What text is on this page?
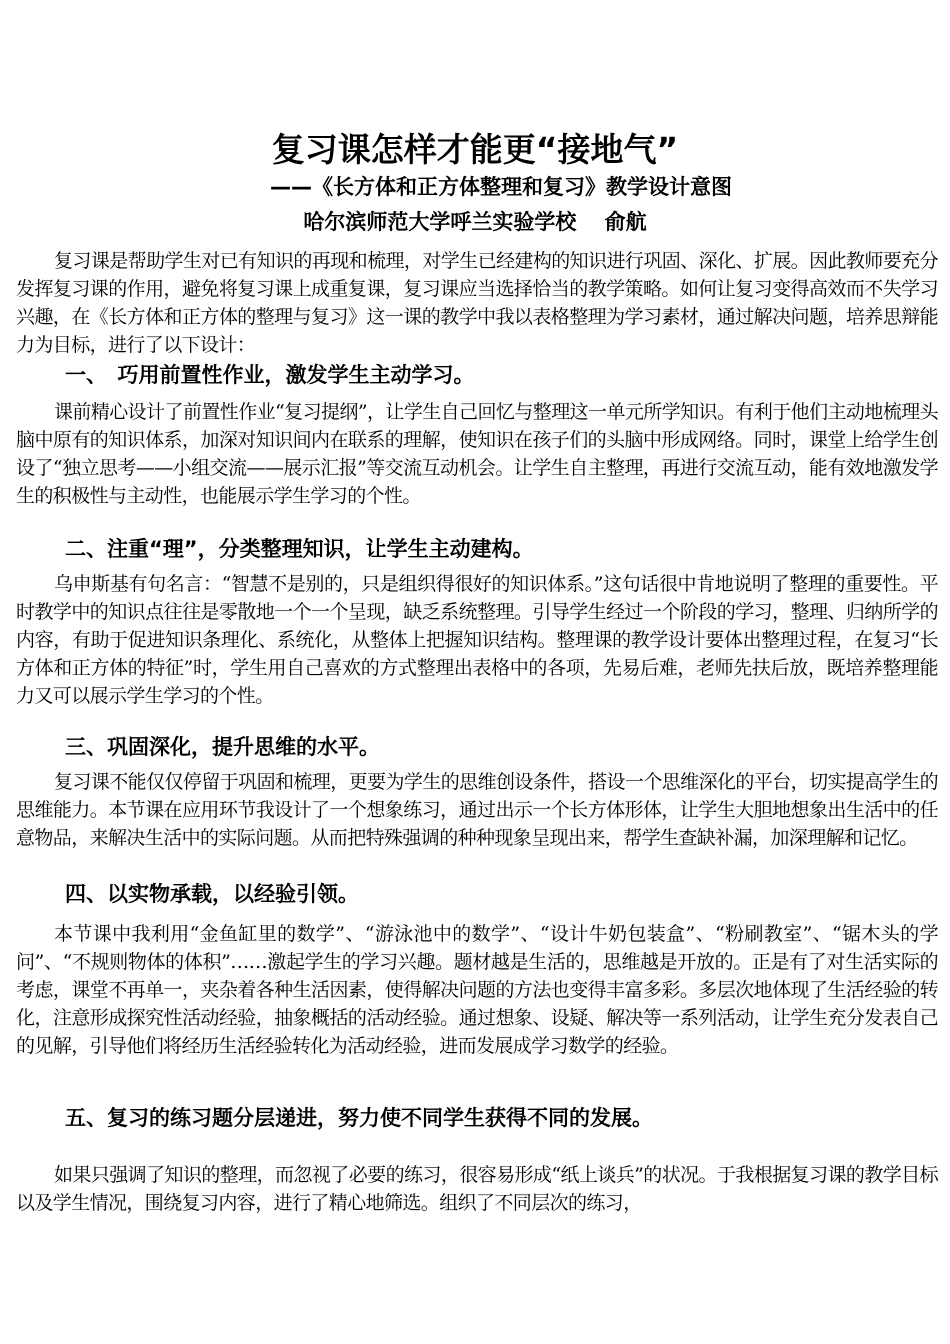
复习课怎样才能更“接地气”
——《长方体和正方体整理和复习》教学设计意图
哈尔滨师范大学呼兰实验学校　 俞航

复习课是帮助学生对已有知识的再现和梳理，对学生已经建构的知识进行巩固、深化、扩展。因此教师要充分发挥复习课的作用，避免将复习课上成重复课，复习课应当选择恰当的教学策略。如何让复习变得高效而不失学习兴趣，在《长方体和正方体的整理与复习》这一课的教学中我以表格整理为学习素材，通过解决问题，培养思辩能力为目标，进行了以下设计：

一、　巧用前置性作业，激发学生主动学习。

课前精心设计了前置性作业“复习提纲”，让学生自己回忆与整理这一单元所学知识。有利于他们主动地梳理头脑中原有的知识体系，加深对知识间内在联系的理解，使知识在孩子们的头脑中形成网络。同时，课堂上给学生创设了“独立思考——小组交流——展示汇报”等交流互动机会。让学生自主整理，再进行交流互动，能有效地激发学生的积极性与主动性，也能展示学生学习的个性。

二、注重“理”，分类整理知识，让学生主动建构。

乌申斯基有句名言：“智慧不是别的，只是组织得很好的知识体系。”这句话很中肯地说明了整理的重要性。平时教学中的知识点往往是零散地一个一个呈现，缺乏系统整理。引导学生经过一个阶段的学习，整理、归纳所学的内容，有助于促进知识条理化、系统化，从整体上把握知识结构。整理课的教学设计要体出整理过程，在复习“长方体和正方体的特征”时，学生用自己喜欢的方式整理出表格中的各项，先易后难，老师先扶后放，既培养整理能力又可以展示学生学习的个性。

三、巩固深化，提升思维的水平。

复习课不能仅仅停留于巩固和梳理，更要为学生的思维创设条件，搭设一个思维深化的平台，切实提高学生的思维能力。本节课在应用环节我设计了一个想象练习，通过出示一个长方体形体，让学生大胆地想象出生活中的任意物品，来解决生活中的实际问题。从而把特殊强调的种种现象呈现出来，帮学生查缺补漏，加深理解和记忆。

四、以实物承载，以经验引领。

本节课中我利用“金鱼缸里的数学”、“游泳池中的数学”、“设计牛奶包装盒”、“粉刷教室”、“锯木头的学问”、“不规则物体的体积”……激起学生的学习兴趣。题材越是生活的，思维越是开放的。正是有了对生活实际的考虑，课堂不再单一，夹杂着各种生活因素，使得解决问题的方法也变得丰富多彩。多层次地体现了生活经验的转化，注意形成探究性活动经验，抽象概括的活动经验。通过想象、设疑、解决等一系列活动，让学生充分发表自己的见解，引导他们将经历生活经验转化为活动经验，进而发展成学习数学的经验。

五、复习的练习题分层递进，努力使不同学生获得不同的发展。

如果只强调了知识的整理，而忽视了必要的练习，很容易形成“纸上谈兵”的状况。于我根据复习课的教学目标以及学生情况，围绕复习内容，进行了精心地筛选。组织了不同层次的练习，
